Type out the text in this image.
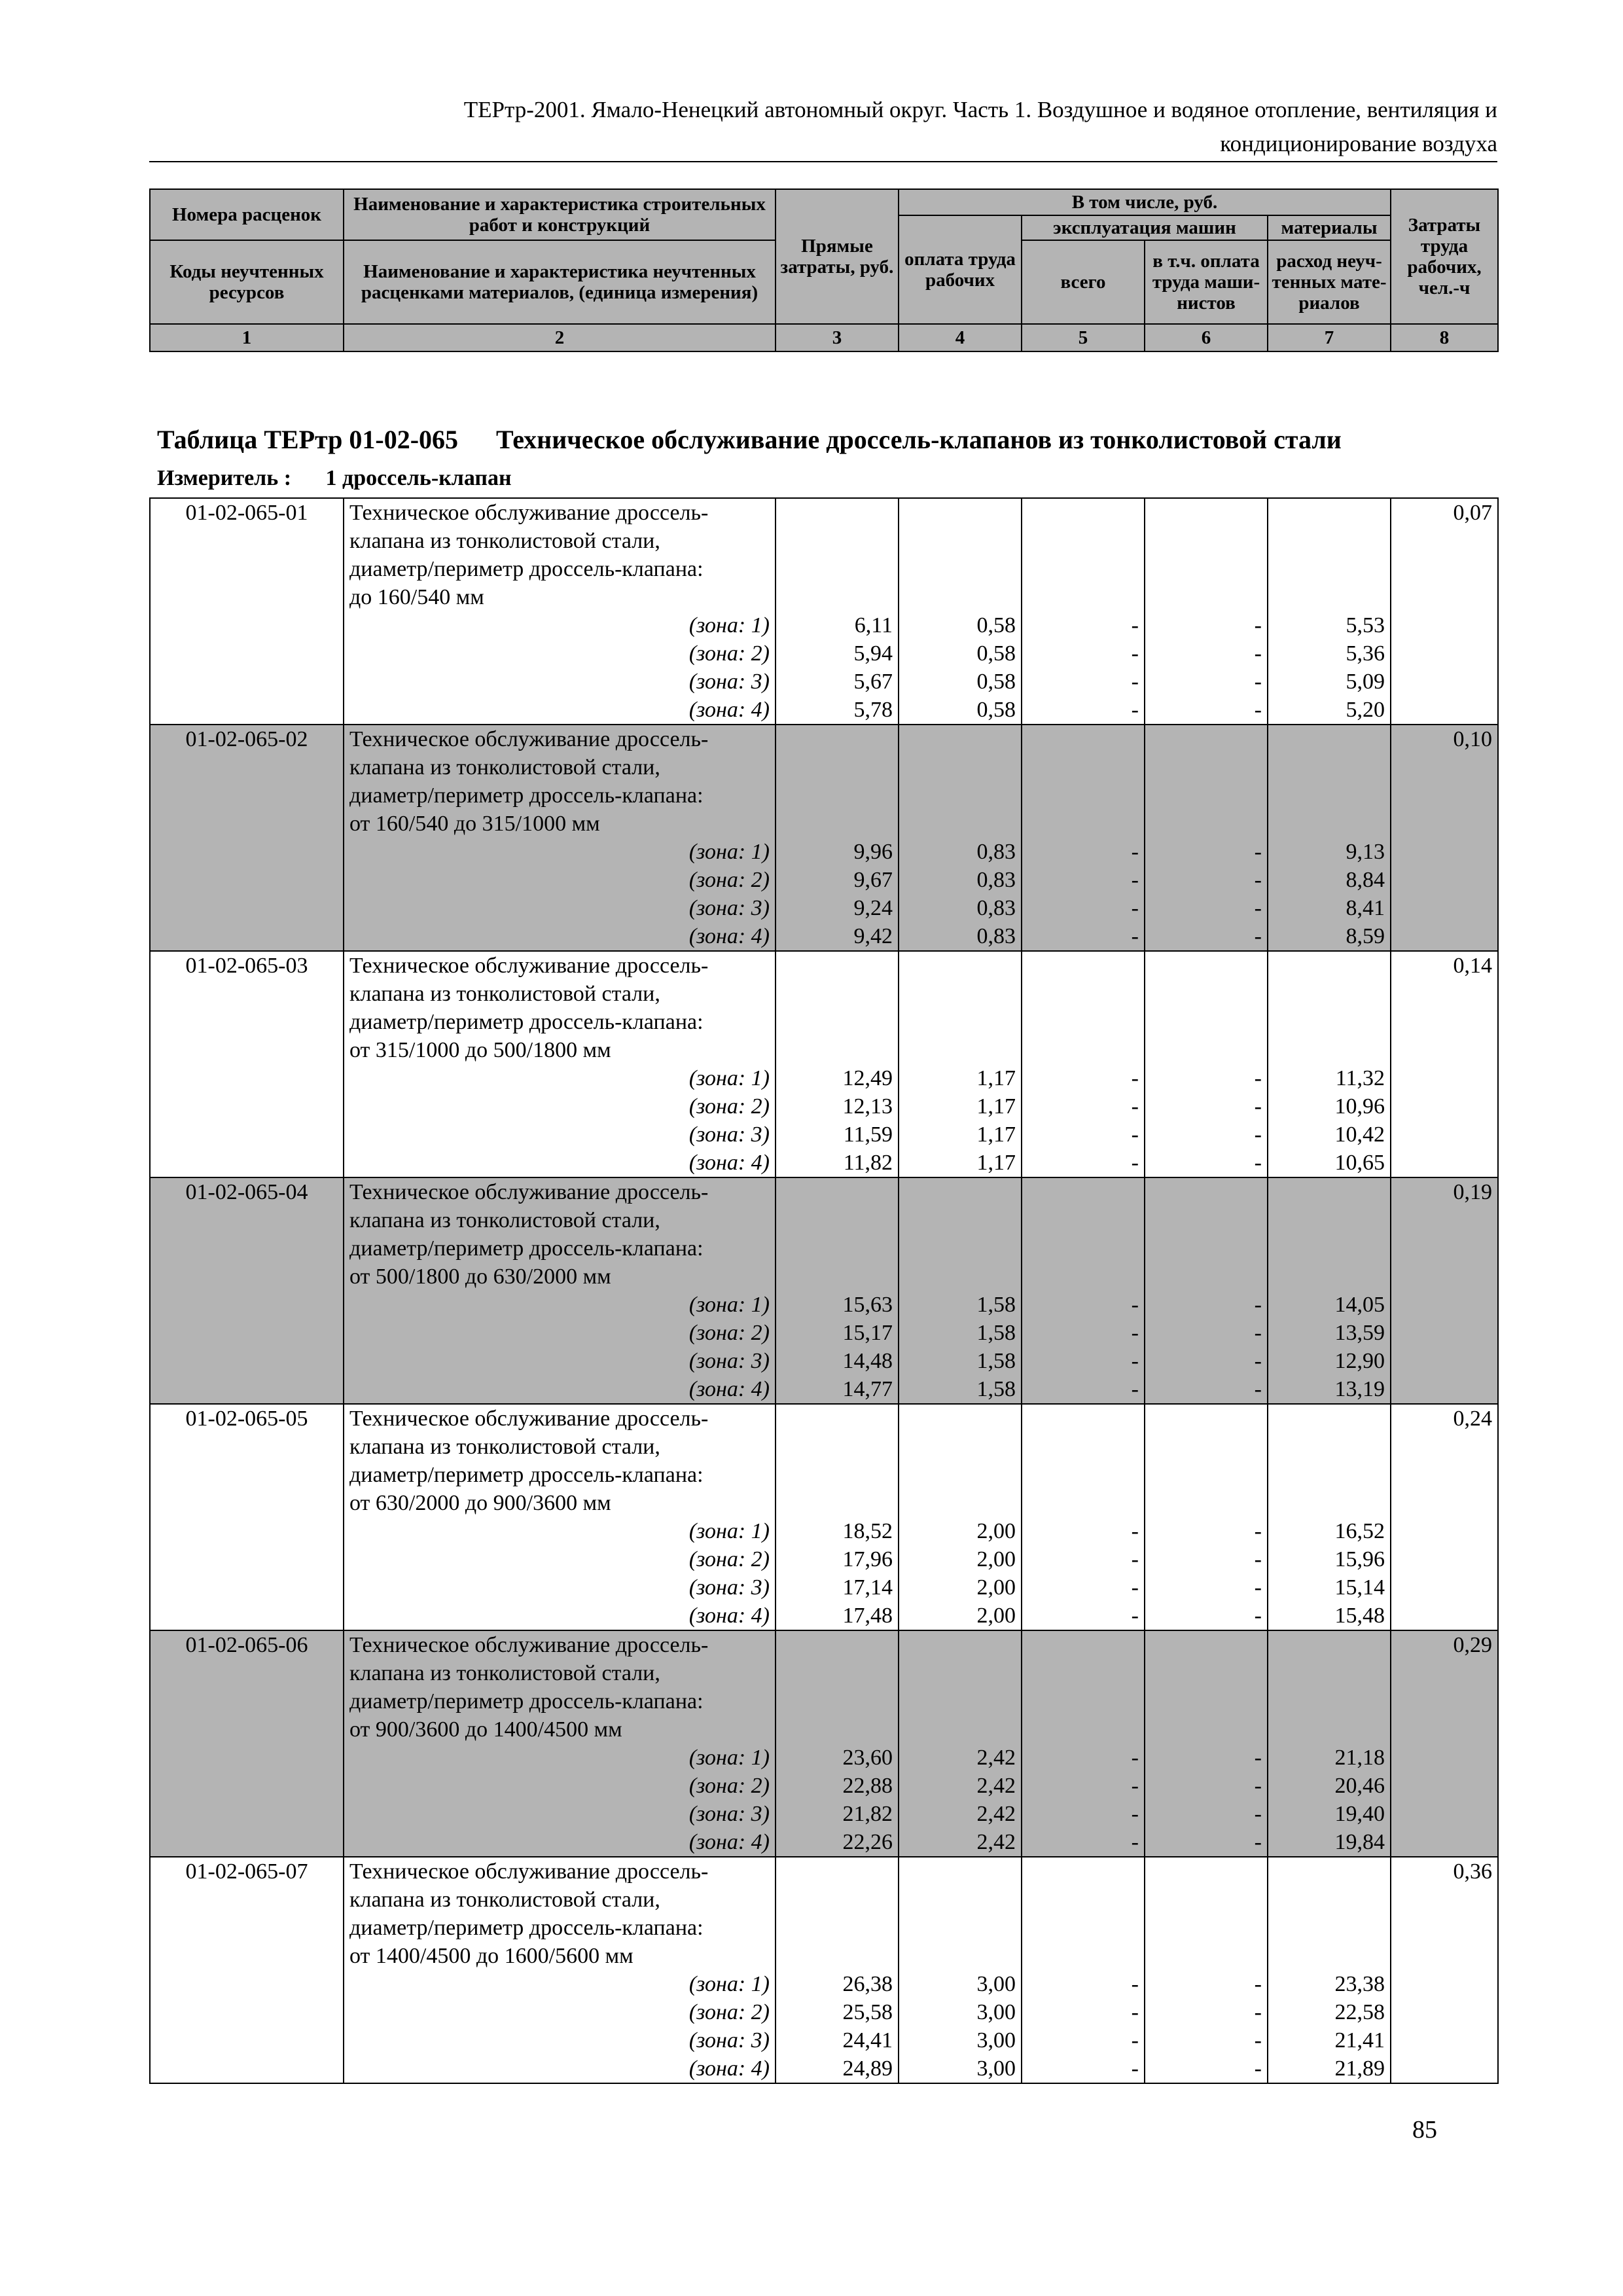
ТЕРтр-2001. Ямало-Ненецкий автономный округ. Часть 1. Воздушное и водяное отопление, вентиляция и
кондиционирование воздуха
Номера расценок	Наименование и характеристика строительных работ и конструкций	Прямые затраты, руб.	В том числе, руб.				Затраты труда рабочих, чел.-ч
			оплата труда рабочих	эксплуатация машин		материалы	
Коды неучтенных ресурсов	Наименование и характеристика неучтенных расценками материалов, (единица измерения)			всего	в т.ч. оплата труда маши-нистов	расход неуч-тенных мате-риалов	

1	2	3	4	5	6	7	8
Таблица ТЕРтр 01-02-065 Техническое обслуживание дроссель-клапанов из тонколистовой стали
Измеритель : 1 дроссель-клапан
01-02-065-01	Техническое обслуживание дроссель-						0,07
	клапана из тонколистовой стали,						
	диаметр/периметр дроссель-клапана:						
	до 160/540 мм						
	(зона: 1)	6,11	0,58	-	-	5,53	
	(зона: 2)	5,94	0,58	-	-	5,36	
	(зона: 3)	5,67	0,58	-	-	5,09	
	(зона: 4)	5,78	0,58	-	-	5,20	
01-02-065-02	Техническое обслуживание дроссель-						0,10
	клапана из тонколистовой стали,						
	диаметр/периметр дроссель-клапана:						
	от 160/540 до 315/1000 мм						
	(зона: 1)	9,96	0,83	-	-	9,13	
	(зона: 2)	9,67	0,83	-	-	8,84	
	(зона: 3)	9,24	0,83	-	-	8,41	
	(зона: 4)	9,42	0,83	-	-	8,59	
01-02-065-03	Техническое обслуживание дроссель-						0,14
	клапана из тонколистовой стали,						
	диаметр/периметр дроссель-клапана:						
	от 315/1000 до 500/1800 мм						
	(зона: 1)	12,49	1,17	-	-	11,32	
	(зона: 2)	12,13	1,17	-	-	10,96	
	(зона: 3)	11,59	1,17	-	-	10,42	
	(зона: 4)	11,82	1,17	-	-	10,65	
01-02-065-04	Техническое обслуживание дроссель-						0,19
	клапана из тонколистовой стали,						
	диаметр/периметр дроссель-клапана:						
	от 500/1800 до 630/2000 мм						
	(зона: 1)	15,63	1,58	-	-	14,05	
	(зона: 2)	15,17	1,58	-	-	13,59	
	(зона: 3)	14,48	1,58	-	-	12,90	
	(зона: 4)	14,77	1,58	-	-	13,19	
01-02-065-05	Техническое обслуживание дроссель-						0,24
	клапана из тонколистовой стали,						
	диаметр/периметр дроссель-клапана:						
	от 630/2000 до 900/3600 мм						
	(зона: 1)	18,52	2,00	-	-	16,52	
	(зона: 2)	17,96	2,00	-	-	15,96	
	(зона: 3)	17,14	2,00	-	-	15,14	
	(зона: 4)	17,48	2,00	-	-	15,48	
01-02-065-06	Техническое обслуживание дроссель-						0,29
	клапана из тонколистовой стали,						
	диаметр/периметр дроссель-клапана:						
	от 900/3600 до 1400/4500 мм						
	(зона: 1)	23,60	2,42	-	-	21,18	
	(зона: 2)	22,88	2,42	-	-	20,46	
	(зона: 3)	21,82	2,42	-	-	19,40	
	(зона: 4)	22,26	2,42	-	-	19,84	
01-02-065-07	Техническое обслуживание дроссель-						0,36
	клапана из тонколистовой стали,						
	диаметр/периметр дроссель-клапана:						
	от 1400/4500 до 1600/5600 мм						
	(зона: 1)	26,38	3,00	-	-	23,38	
	(зона: 2)	25,58	3,00	-	-	22,58	
	(зона: 3)	24,41	3,00	-	-	21,41	
	(зона: 4)	24,89	3,00	-	-	21,89	
85
